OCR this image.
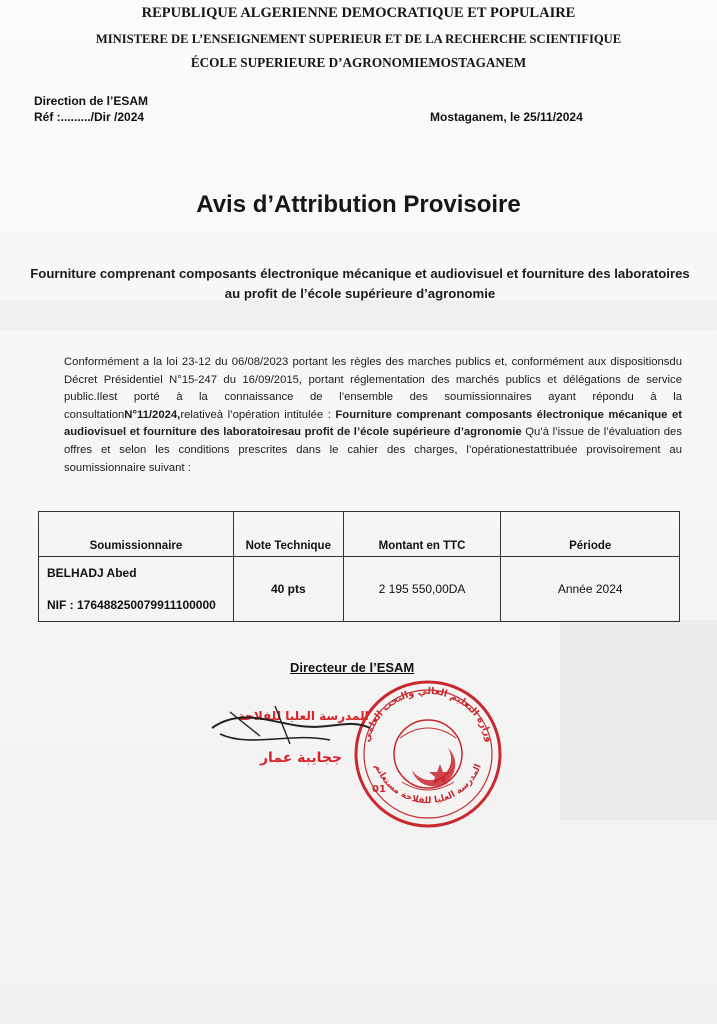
REPUBLIQUE ALGERIENNE DEMOCRATIQUE ET POPULAIRE
MINISTERE DE L’ENSEIGNEMENT SUPERIEUR ET DE LA RECHERCHE SCIENTIFIQUE
ÉCOLE SUPERIEURE D’AGRONOMIEMOSTAGANEM
Direction de l’ESAM
Réf :........./Dir /2024	Mostaganem, le 25/11/2024
Avis d’Attribution Provisoire
Fourniture comprenant composants électronique mécanique et audiovisuel et fourniture des laboratoires au profit de l’école supérieure d’agronomie
Conformément a la loi 23-12 du 06/08/2023 portant les règles des marches publics et, conformément aux dispositionsdu Décret Présidentiel N°15-247 du 16/09/2015, portant réglementation des marchés publics et délégations de service public.Ilest porté à la connaissance de l’ensemble des soumissionnaires ayant répondu à la consultationN°11/2024,relativeà l’opération intitulée : Fourniture comprenant composants électronique mécanique et audiovisuel et fourniture des laboratoiresau profit de l’école supérieure d’agronomie Qu’à l’issue de l’évaluation des offres et selon les conditions prescrites dans le cahier des charges, l’opérationestattribuée provisoirement au soumissionnaire suivant :
Soumissionnaire	Note Technique	Montant en TTC	Période

BELHADJ Abed
NIF : 176488250079911100000	40 pts	2 195 550,00DA	Année 2024
Directeur de l’ESAM
وزارة التعليم العالي والبحث العلمي
المدرسة العليا للفلاحة مستغانم
01
المدرسة العليا للفلاحة
ججايبة عمار
